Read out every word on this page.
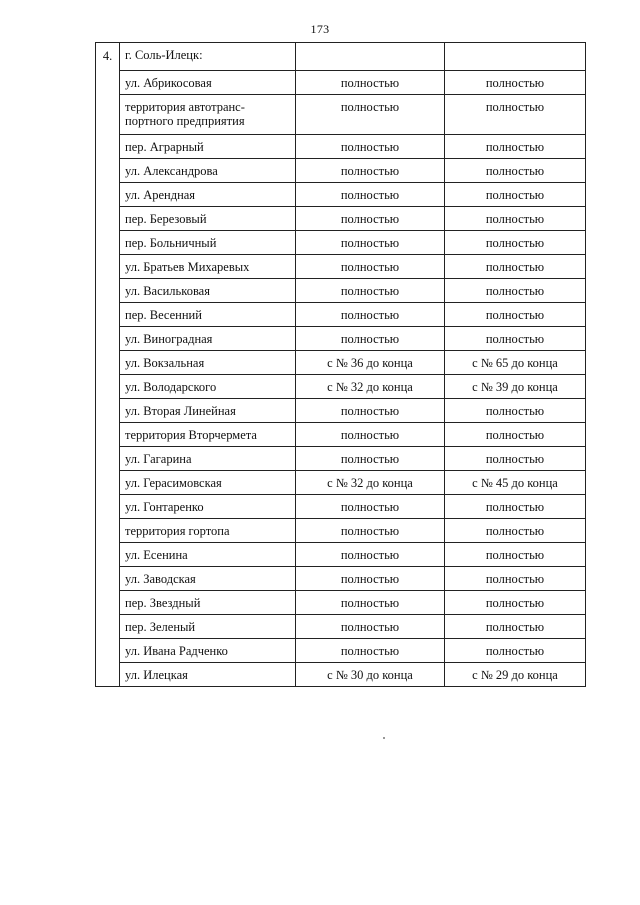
173
4.	г. Соль-Илецк:		
	ул. Абрикосовая	полностью	полностью
	территория автотранс-портного предприятия	полностью	полностью
	пер. Аграрный	полностью	полностью
	ул. Александрова	полностью	полностью
	ул. Арендная	полностью	полностью
	пер. Березовый	полностью	полностью
	пер. Больничный	полностью	полностью
	ул. Братьев Михаревых	полностью	полностью
	ул. Васильковая	полностью	полностью
	пер. Весенний	полностью	полностью
	ул. Виноградная	полностью	полностью
	ул. Вокзальная	с № 36 до конца	с № 65 до конца
	ул. Володарского	с № 32 до конца	с № 39 до конца
	ул. Вторая Линейная	полностью	полностью
	территория Вторчермета	полностью	полностью
	ул. Гагарина	полностью	полностью
	ул. Герасимовская	с № 32 до конца	с № 45 до конца
	ул. Гонтаренко	полностью	полностью
	территория гортопа	полностью	полностью
	ул. Есенина	полностью	полностью
	ул. Заводская	полностью	полностью
	пер. Звездный	полностью	полностью
	пер. Зеленый	полностью	полностью
	ул. Ивана Радченко	полностью	полностью
	ул. Илецкая	с № 30 до конца	с № 29 до конца
